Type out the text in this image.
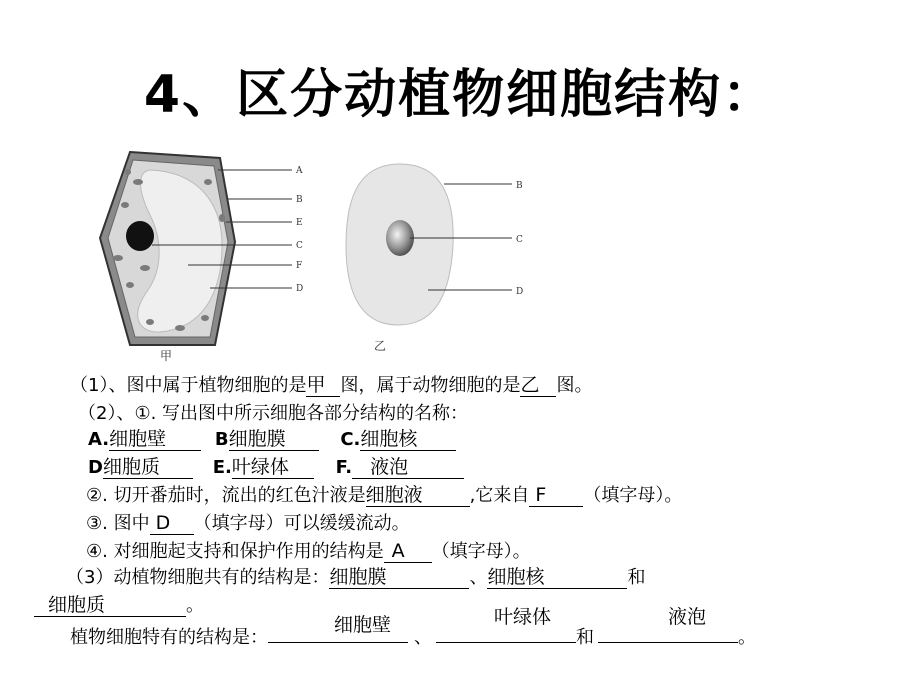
4、区分动植物细胞结构：
A
B
E
C
F
D
甲
B
C
D
乙
（1）、图中属于植物细胞的是甲 图，属于动物细胞的是乙 图。
（2）、①. 写出图中所示细胞各部分结构的名称：
A.细胞壁	B细胞膜	C.细胞核
D细胞质	E.叶绿体	F. 液泡
②. 切开番茄时，流出的红色汁液是细胞液	,它来自 F （填字母）。
③. 图中 D （填字母）可以缓缓流动。
④. 对细胞起支持和保护作用的结构是 A （填字母）。
（3）动植物细胞共有的结构是：细胞膜	、细胞核	和
细胞质	。
细胞壁	叶绿体	液泡
植物细胞特有的结构是：	、	和	。
